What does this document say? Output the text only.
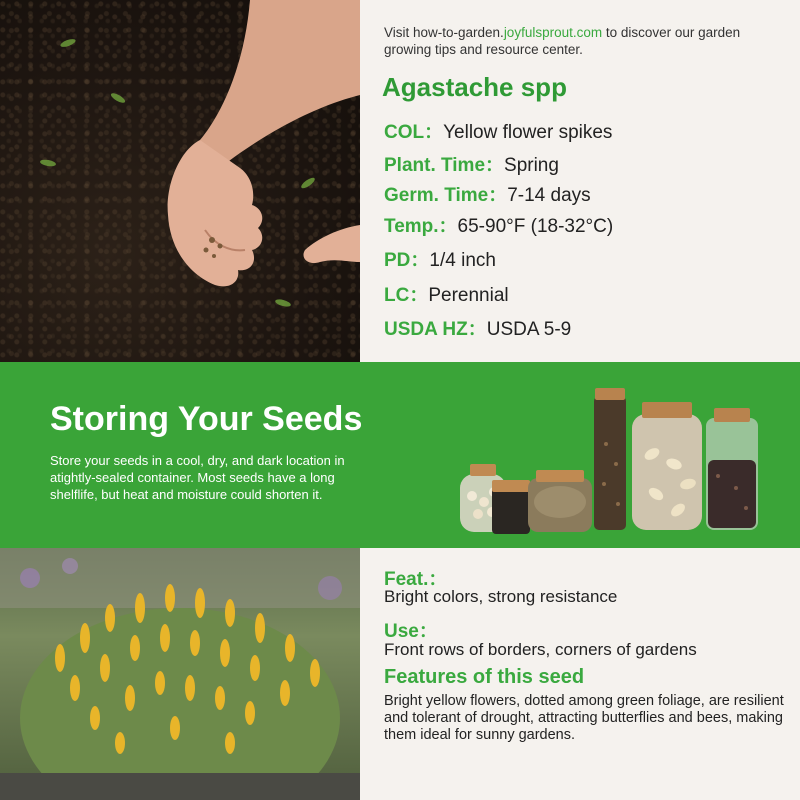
Visit how-to-garden.joyfulsprout.com to discover our garden growing tips and resource center.
Agastache spp
COL：Yellow flower spikes
Plant. Time：Spring
Germ. Time：7-14 days
Temp.：65-90°F (18-32°C)
PD：1/4 inch
LC：Perennial
USDA HZ：USDA 5-9
Storing Your Seeds
Store your seeds in a cool, dry, and dark location in atightly-sealed container. Most seeds have a long shelflife, but heat and moisture could shorten it.
Feat.：
Bright colors, strong resistance
Use：
Front rows of borders, corners of gardens
Features of this seed
Bright yellow flowers, dotted among green foliage, are resilient and tolerant of drought, attracting butterflies and bees, making them ideal for sunny gardens.
